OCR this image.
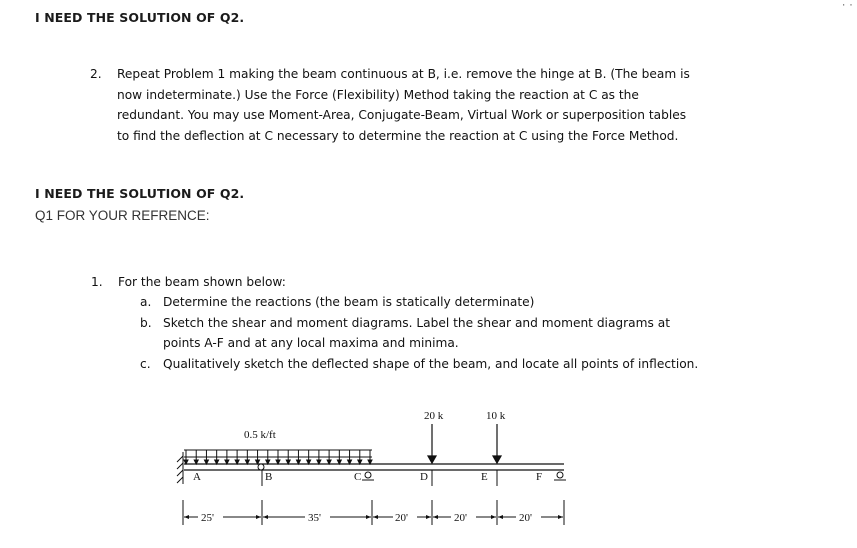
· ·
I NEED THE SOLUTION OF Q2.
2. Repeat Problem 1 making the beam continuous at B, i.e. remove the hinge at B. (The beam is
now indeterminate.) Use the Force (Flexibility) Method taking the reaction at C as the
redundant. You may use Moment-Area, Conjugate-Beam, Virtual Work or superposition tables
to find the deflection at C necessary to determine the reaction at C using the Force Method.
I NEED THE SOLUTION OF Q2.
Q1 FOR YOUR REFRENCE:
1. For the beam shown below:
a. Determine the reactions (the beam is statically determinate)
b. Sketch the shear and moment diagrams. Label the shear and moment diagrams at
points A-F and at any local maxima and minima.
c. Qualitatively sketch the deflected shape of the beam, and locate all points of inflection.
0.5 k/ft
20 k	10 k
A	B	C	D	E	F
25'	35'	20'	20'	20'
